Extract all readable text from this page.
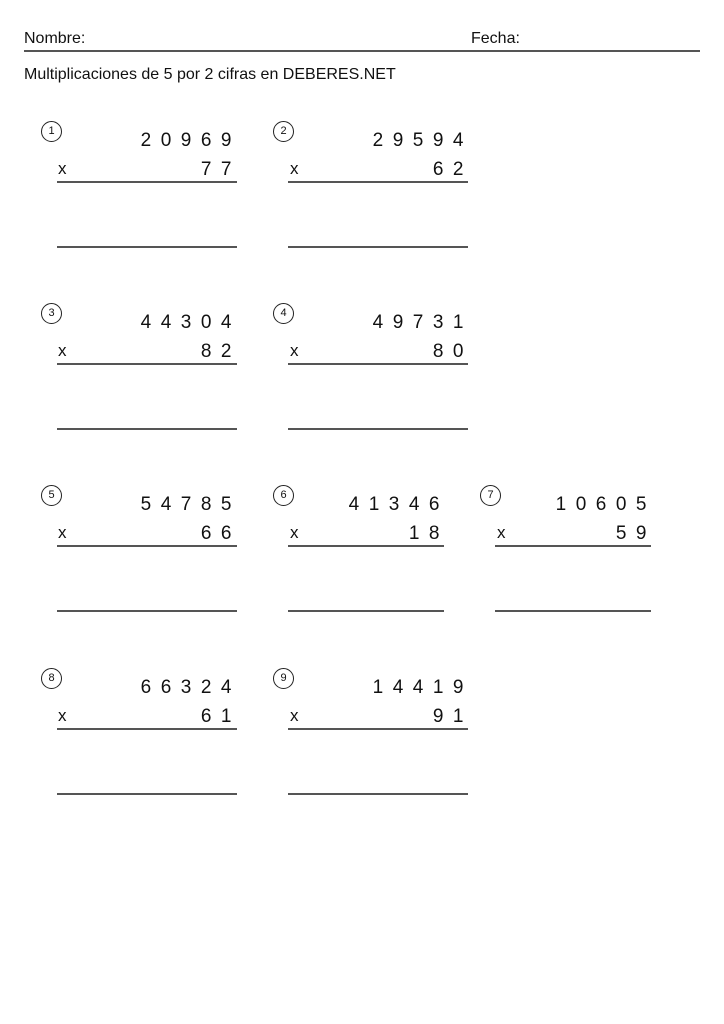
Nombre:	Fecha:
Multiplicaciones de 5 por 2 cifras en DEBERES.NET
1	20969
x	77
2	29594
x	62
3	44304
x	82
4	49731
x	80
5	54785
x	66
6	41346
x	18
7	10605
x	59
8	66324
x	61
9	14419
x	91
